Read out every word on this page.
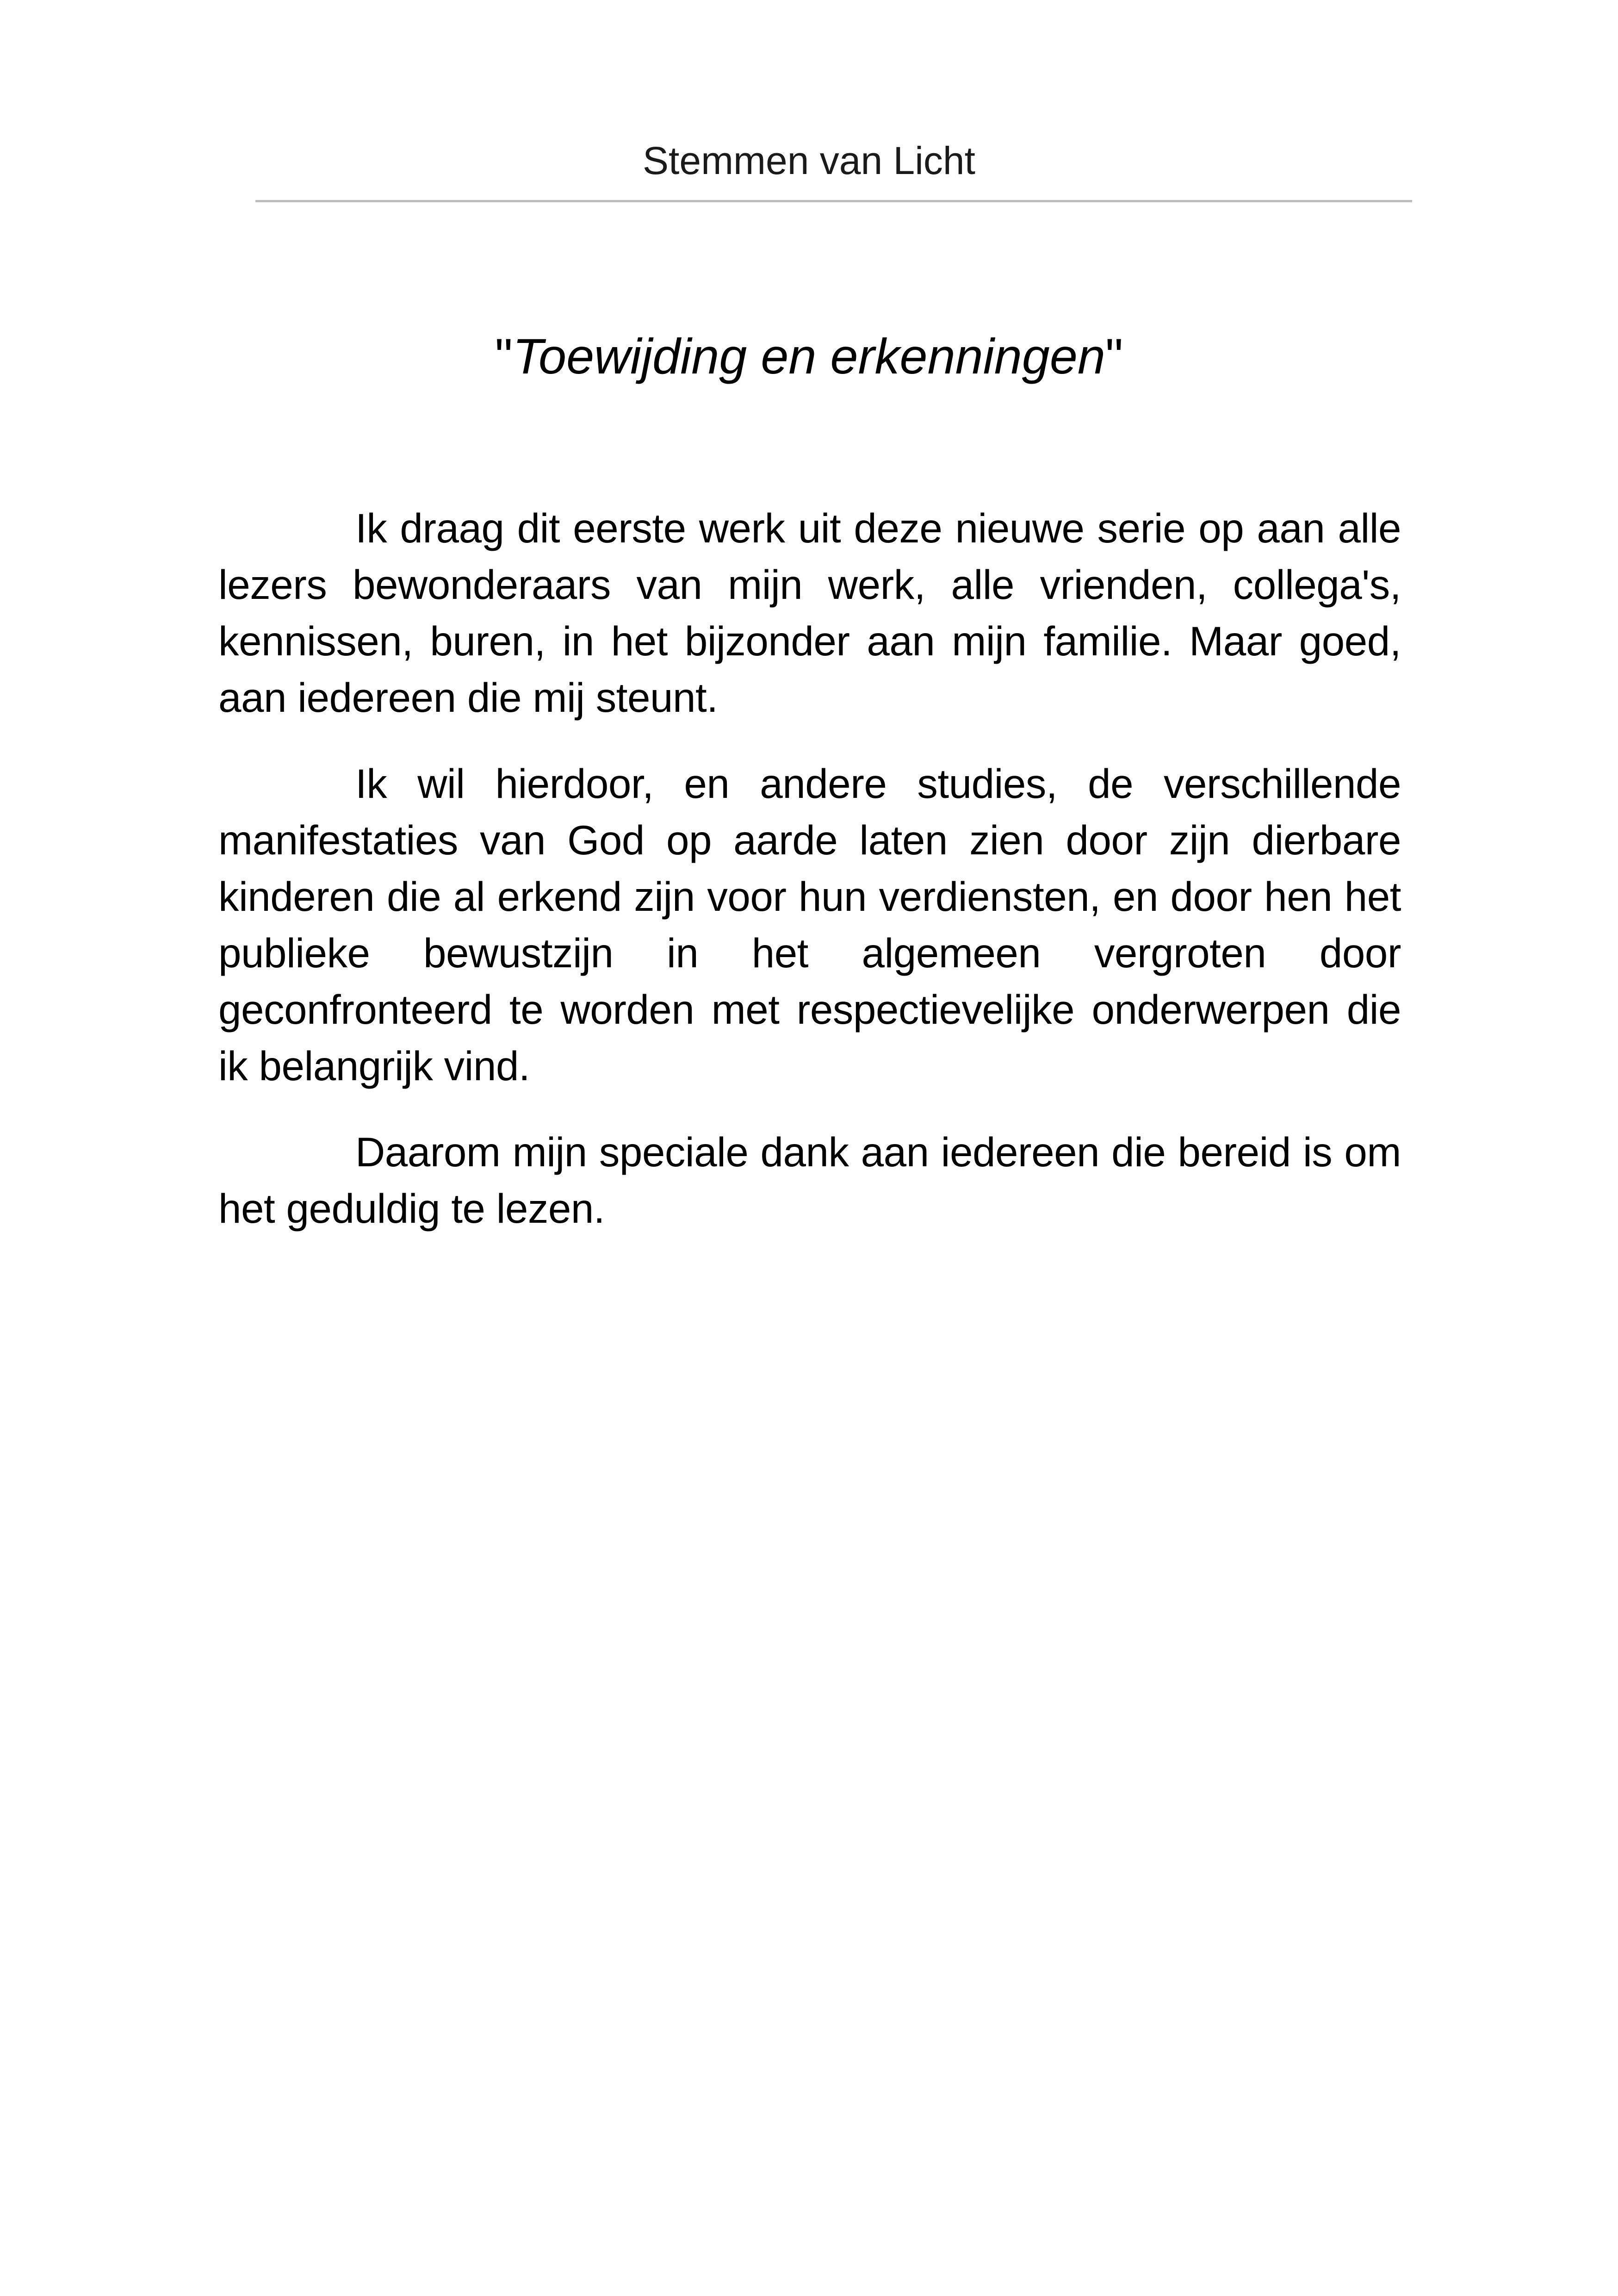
Stemmen van Licht
"Toewijding en erkenningen"

Ik draag dit eerste werk uit deze nieuwe serie op aan alle lezers bewonderaars van mijn werk, alle vrienden, collega's, kennissen, buren, in het bijzonder aan mijn familie. Maar goed, aan iedereen die mij steunt.

Ik wil hierdoor, en andere studies, de verschillende manifestaties van God op aarde laten zien door zijn dierbare kinderen die al erkend zijn voor hun verdiensten, en door hen het publieke bewustzijn in het algemeen vergroten door geconfronteerd te worden met respectievelijke onderwerpen die ik belangrijk vind.

Daarom mijn speciale dank aan iedereen die bereid is om het geduldig te lezen.
